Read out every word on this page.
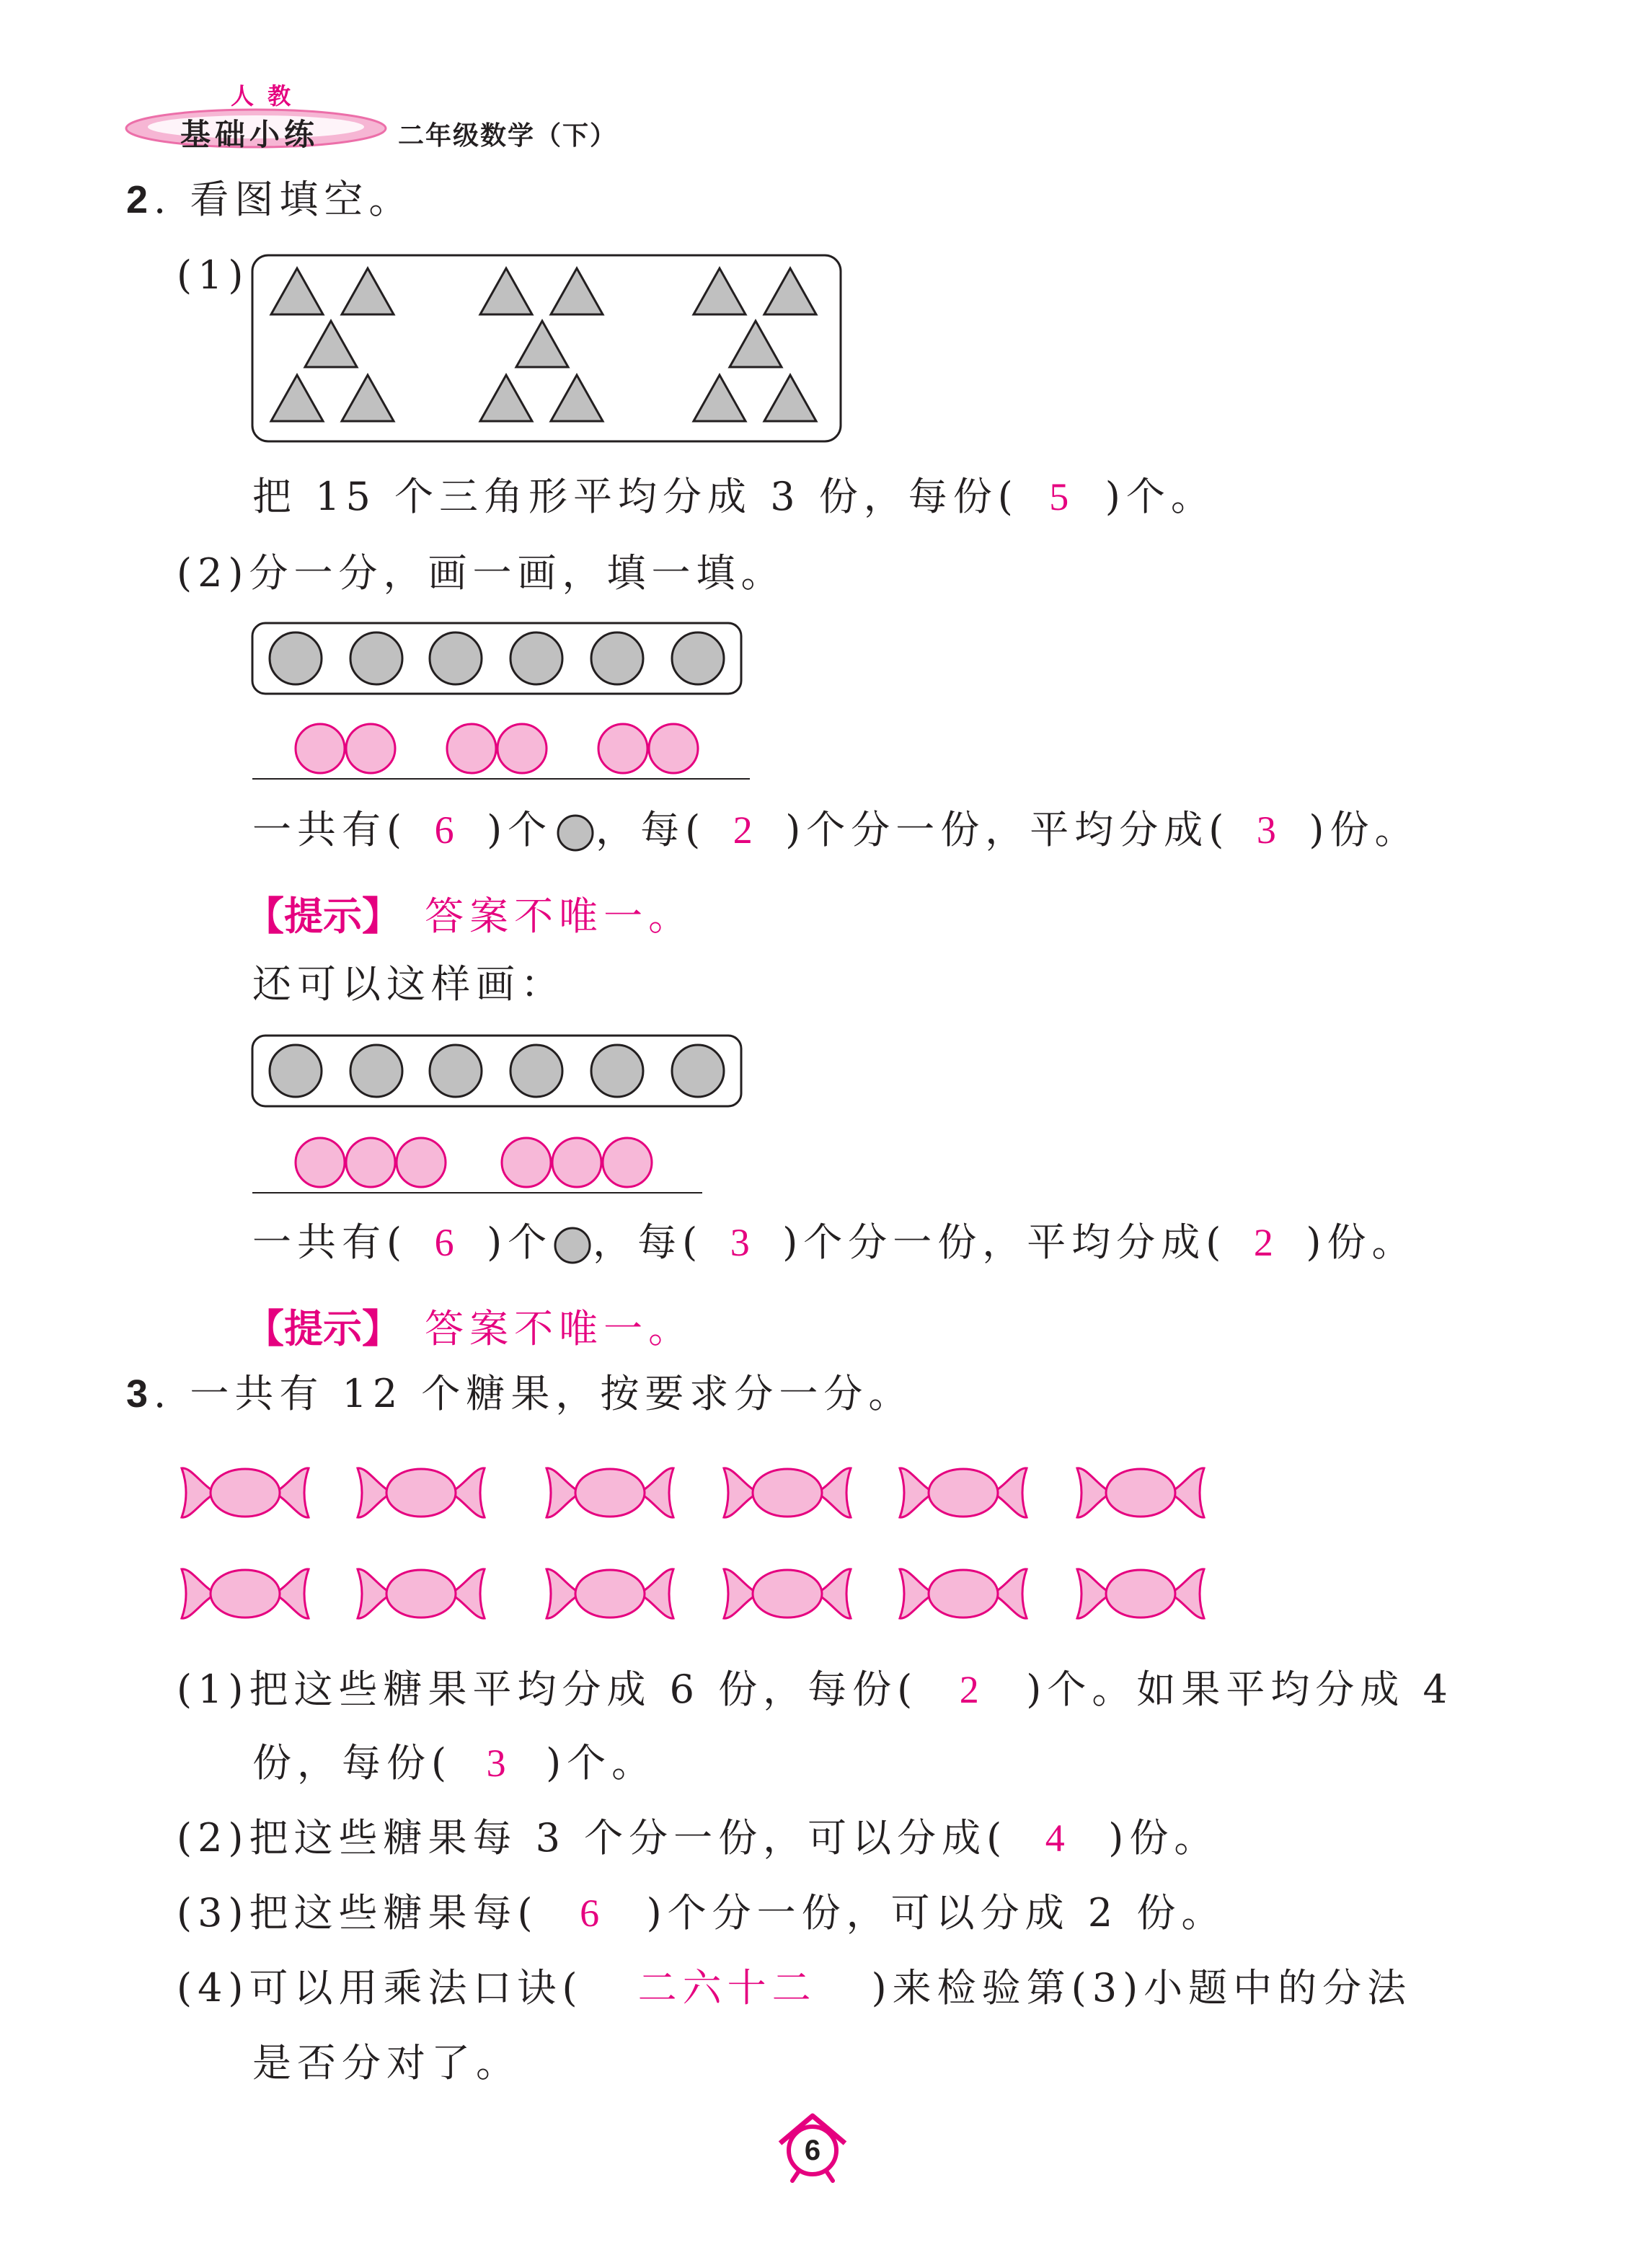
人 教
基础小练	二年级数学（下）
2. 看图填空。
(1)
把 15 个三角形平均分成 3 份，每份( 5 )个。
(2)分一分，画一画，填一填。
一共有( 6 )个 ，每( 2 )个分一份，平均分成( 3 )份。
【提示】 答案不唯一。
还可以这样画：
一共有( 6 )个 ，每( 3 )个分一份，平均分成( 2 )份。
【提示】 答案不唯一。
3. 一共有 12 个糖果，按要求分一分。
(1)把这些糖果平均分成 6 份，每份( 2 )个。如果平均分成 4
份，每份( 3 )个。
(2)把这些糖果每 3 个分一份，可以分成( 4 )份。
(3)把这些糖果每( 6 )个分一份，可以分成 2 份。
(4)可以用乘法口诀( 二六十二 )来检验第(3)小题中的分法
是否分对了。
6
